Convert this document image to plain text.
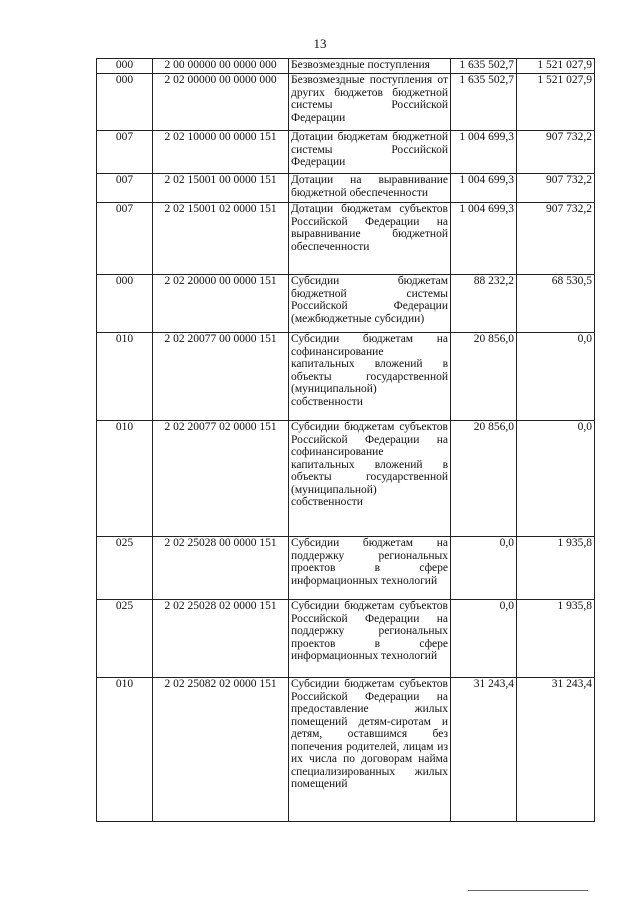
13
000	2 00 00000 00 0000 000	Безвозмездные поступления	1 635 502,7	1 521 027,9
000	2 02 00000 00 0000 000	Безвозмездные поступления от других бюджетов бюджетной системы Российской Федерации	1 635 502,7	1 521 027,9
007	2 02 10000 00 0000 151	Дотации бюджетам бюджетной системы Российской Федерации	1 004 699,3	907 732,2
007	2 02 15001 00 0000 151	Дотации на выравнивание бюджетной обеспеченности	1 004 699,3	907 732,2
007	2 02 15001 02 0000 151	Дотации бюджетам субъектов Российской Федерации на выравнивание бюджетной обеспеченности	1 004 699,3	907 732,2
000	2 02 20000 00 0000 151	Субсидии бюджетам бюджетной системы Российской Федерации (межбюджетные субсидии)	88 232,2	68 530,5
010	2 02 20077 00 0000 151	Субсидии бюджетам на софинансирование капитальных вложений в объекты государственной (муниципальной) собственности	20 856,0	0,0
010	2 02 20077 02 0000 151	Субсидии бюджетам субъектов Российской Федерации на софинансирование капитальных вложений в объекты государственной (муниципальной) собственности	20 856,0	0,0
025	2 02 25028 00 0000 151	Субсидии бюджетам на поддержку региональных проектов в сфере информационных технологий	0,0	1 935,8
025	2 02 25028 02 0000 151	Субсидии бюджетам субъектов Российской Федерации на поддержку региональных проектов в сфере информационных технологий	0,0	1 935,8
010	2 02 25082 02 0000 151	Субсидии бюджетам субъектов Российской Федерации на предоставление жилых помещений детям-сиротам и детям, оставшимся без попечения родителей, лицам из их числа по договорам найма специализированных жилых помещений	31 243,4	31 243,4
